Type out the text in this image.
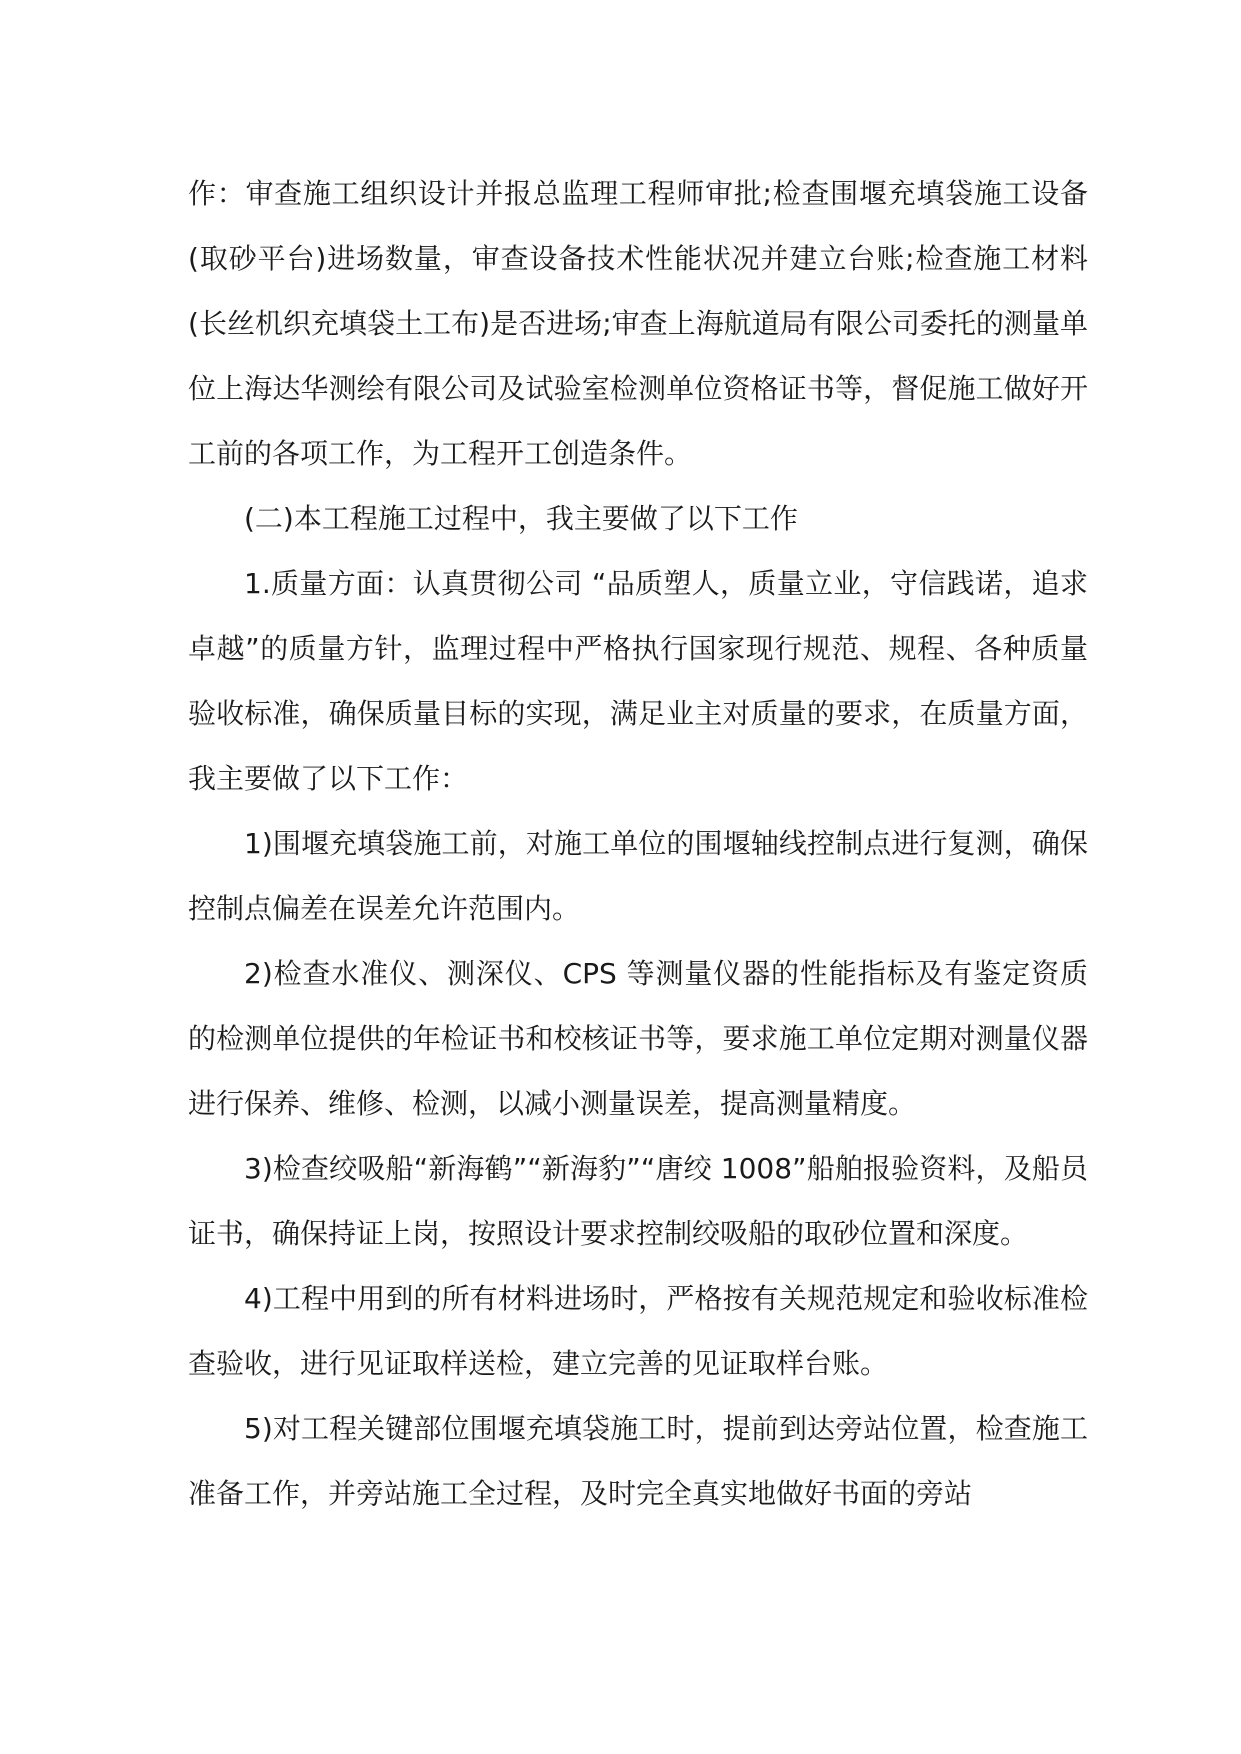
作：审查施工组织设计并报总监理工程师审批;检查围堰充填袋施工设备(取砂平台)进场数量，审查设备技术性能状况并建立台账;检查施工材料(长丝机织充填袋土工布)是否进场;审查上海航道局有限公司委托的测量单位上海达华测绘有限公司及试验室检测单位资格证书等，督促施工做好开工前的各项工作，为工程开工创造条件。

(二)本工程施工过程中，我主要做了以下工作

1.质量方面：认真贯彻公司 “品质塑人，质量立业，守信践诺，追求卓越”的质量方针，监理过程中严格执行国家现行规范、规程、各种质量验收标准，确保质量目标的实现，满足业主对质量的要求，在质量方面，我主要做了以下工作：

1)围堰充填袋施工前，对施工单位的围堰轴线控制点进行复测，确保控制点偏差在误差允许范围内。

2)检查水准仪、测深仪、CPS 等测量仪器的性能指标及有鉴定资质的检测单位提供的年检证书和校核证书等，要求施工单位定期对测量仪器进行保养、维修、检测，以减小测量误差，提高测量精度。

3)检查绞吸船“新海鹤”“新海豹”“唐绞 1008”船舶报验资料，及船员证书，确保持证上岗，按照设计要求控制绞吸船的取砂位置和深度。

4)工程中用到的所有材料进场时，严格按有关规范规定和验收标准检查验收，进行见证取样送检，建立完善的见证取样台账。

5)对工程关键部位围堰充填袋施工时，提前到达旁站位置，检查施工准备工作，并旁站施工全过程，及时完全真实地做好书面的旁站
